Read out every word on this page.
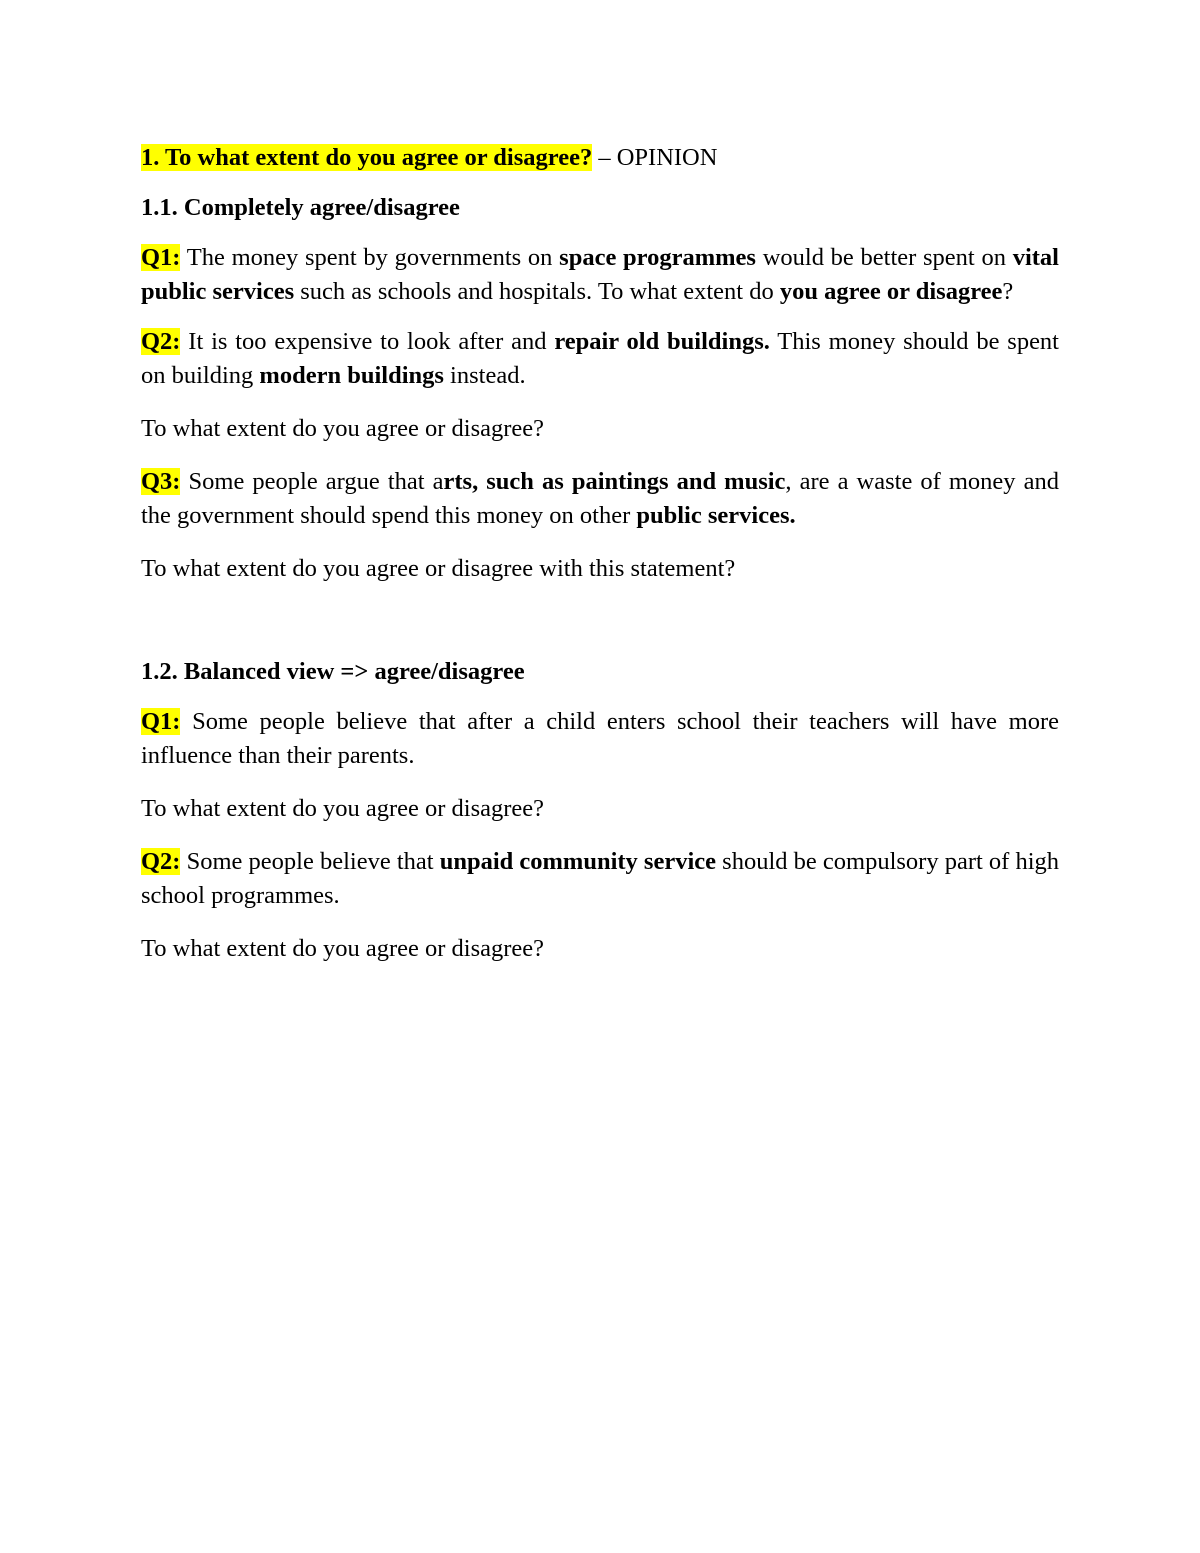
1. To what extent do you agree or disagree? – OPINION

1.1. Completely agree/disagree

Q1: The money spent by governments on space programmes would be better spent on vital public services such as schools and hospitals. To what extent do you agree or disagree?

Q2: It is too expensive to look after and repair old buildings. This money should be spent on building modern buildings instead.

To what extent do you agree or disagree?

Q3: Some people argue that arts, such as paintings and music, are a waste of money and the government should spend this money on other public services.

To what extent do you agree or disagree with this statement?

1.2. Balanced view => agree/disagree

Q1: Some people believe that after a child enters school their teachers will have more influence than their parents.

To what extent do you agree or disagree?

Q2: Some people believe that unpaid community service should be compulsory part of high school programmes.

To what extent do you agree or disagree?
